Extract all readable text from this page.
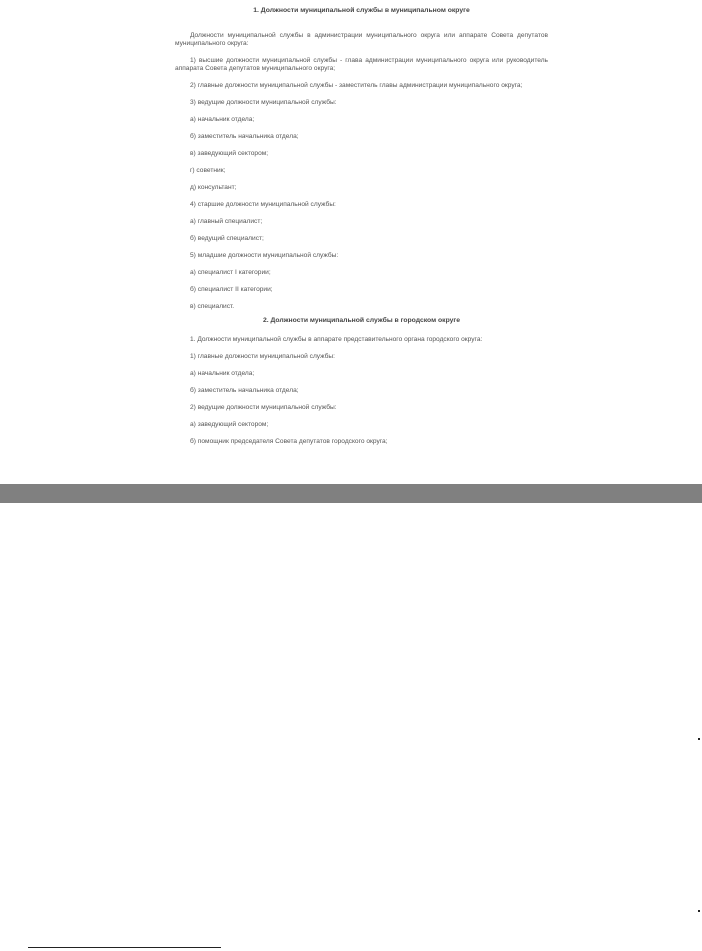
1. Должности муниципальной службы в муниципальном округе

Должности муниципальной службы в администрации муниципального округа или аппарате Совета депутатов муниципального округа:

1) высшие должности муниципальной службы - глава администрации муниципального округа или руководитель аппарата Совета депутатов муниципального округа;

2) главные должности муниципальной службы - заместитель главы администрации муниципального округа;

3) ведущие должности муниципальной службы:

а) начальник отдела;

б) заместитель начальника отдела;

в) заведующий сектором;

г) советник;

д) консультант;

4) старшие должности муниципальной службы:

а) главный специалист;

б) ведущий специалист;

5) младшие должности муниципальной службы:

а) специалист I категории;

б) специалист II категории;

в) специалист.

2. Должности муниципальной службы в городском округе

1. Должности муниципальной службы в аппарате представительного органа городского округа:

1) главные должности муниципальной службы:

а) начальник отдела;

б) заместитель начальника отдела;

2) ведущие должности муниципальной службы:

а) заведующий сектором;

б) помощник председателя Совета депутатов городского округа;
